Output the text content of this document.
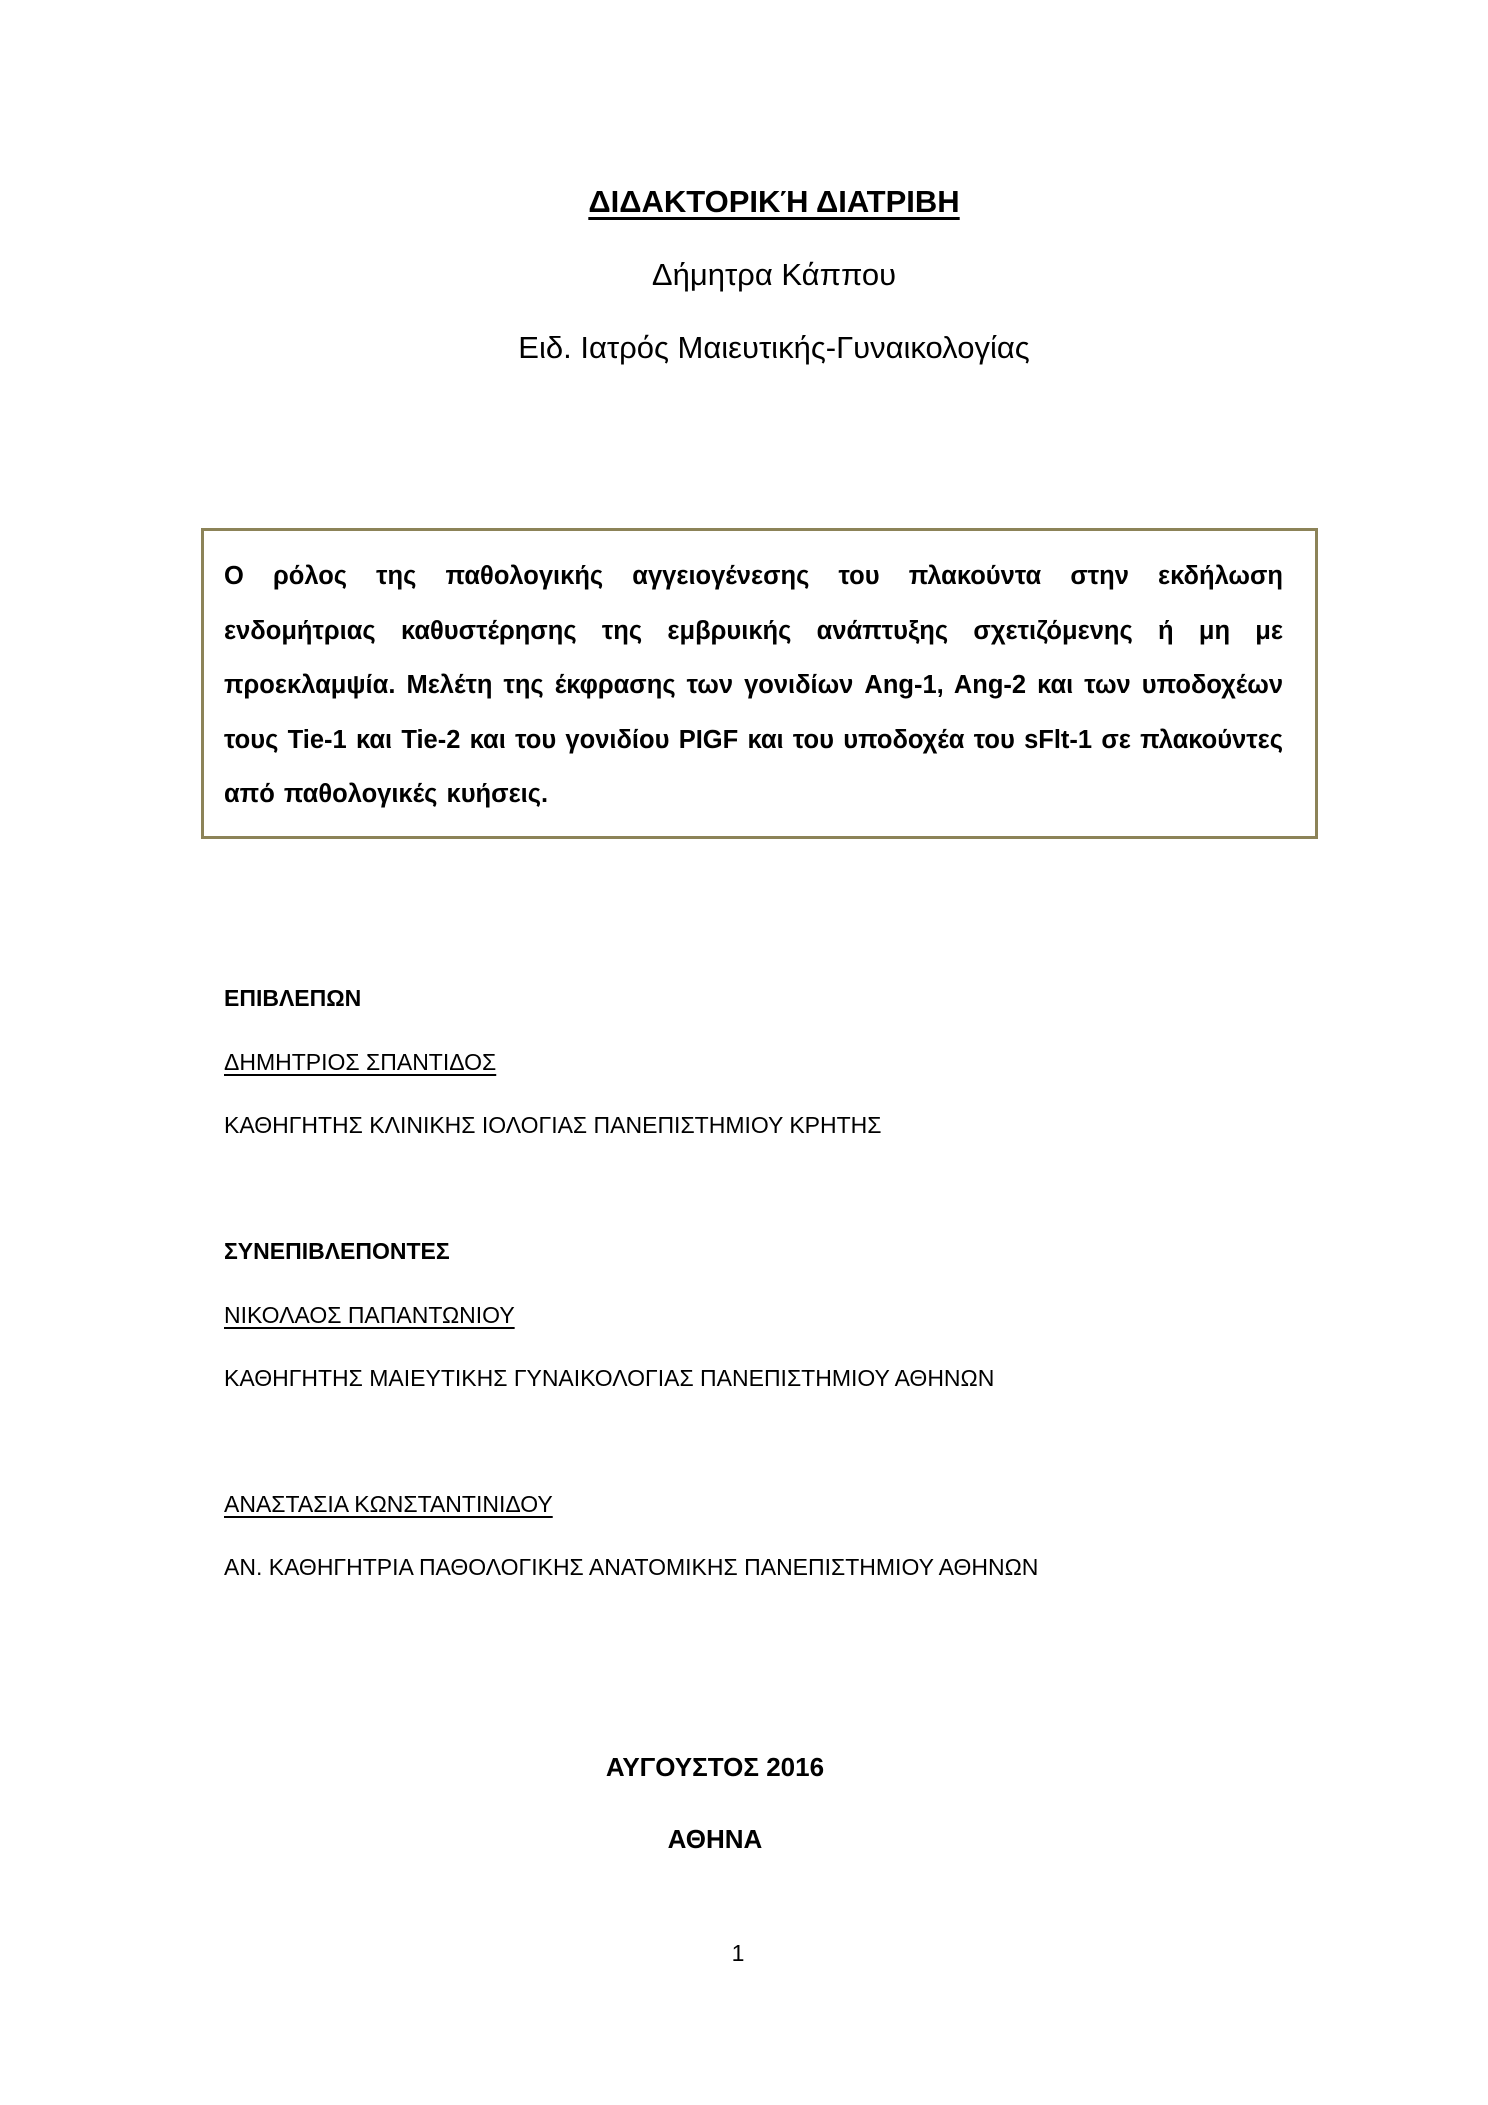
ΔΙΔΑΚΤΟΡΙΚΉ ΔΙΑΤΡΙΒΗ
Δήμητρα Κάππου
Ειδ. Ιατρός Μαιευτικής-Γυναικολογίας
Ο ρόλος της παθολογικής αγγειογένεσης του πλακούντα στην εκδήλωση ενδομήτριας καθυστέρησης της εμβρυικής ανάπτυξης σχετιζόμενης ή μη με προεκλαμψία. Μελέτη της έκφρασης των γονιδίων Ang-1, Ang-2 και των υποδοχέων τους Tie-1 και Tie-2 και του γονιδίου PIGF και του υποδοχέα του sFlt-1 σε πλακούντες από παθολογικές κυήσεις.
ΕΠΙΒΛΕΠΩΝ
ΔΗΜΗΤΡΙΟΣ ΣΠΑΝΤΙΔΟΣ
ΚΑΘΗΓΗΤΗΣ ΚΛΙΝΙΚΗΣ ΙΟΛΟΓΙΑΣ ΠΑΝΕΠΙΣΤΗΜΙΟΥ ΚΡΗΤΗΣ
ΣΥΝΕΠΙΒΛΕΠΟΝΤΕΣ
ΝΙΚΟΛΑΟΣ ΠΑΠΑΝΤΩΝΙΟΥ
ΚΑΘΗΓΗΤΗΣ ΜΑΙΕΥΤΙΚΗΣ ΓΥΝΑΙΚΟΛΟΓΙΑΣ ΠΑΝΕΠΙΣΤΗΜΙΟΥ ΑΘΗΝΩΝ
ΑΝΑΣΤΑΣΙΑ ΚΩΝΣΤΑΝΤΙΝΙΔΟΥ
ΑΝ. ΚΑΘΗΓΗΤΡΙΑ ΠΑΘΟΛΟΓΙΚΗΣ ΑΝΑΤΟΜΙΚΗΣ ΠΑΝΕΠΙΣΤΗΜΙΟΥ ΑΘΗΝΩΝ
ΑΥΓΟΥΣΤΟΣ 2016
ΑΘΗΝΑ
1
